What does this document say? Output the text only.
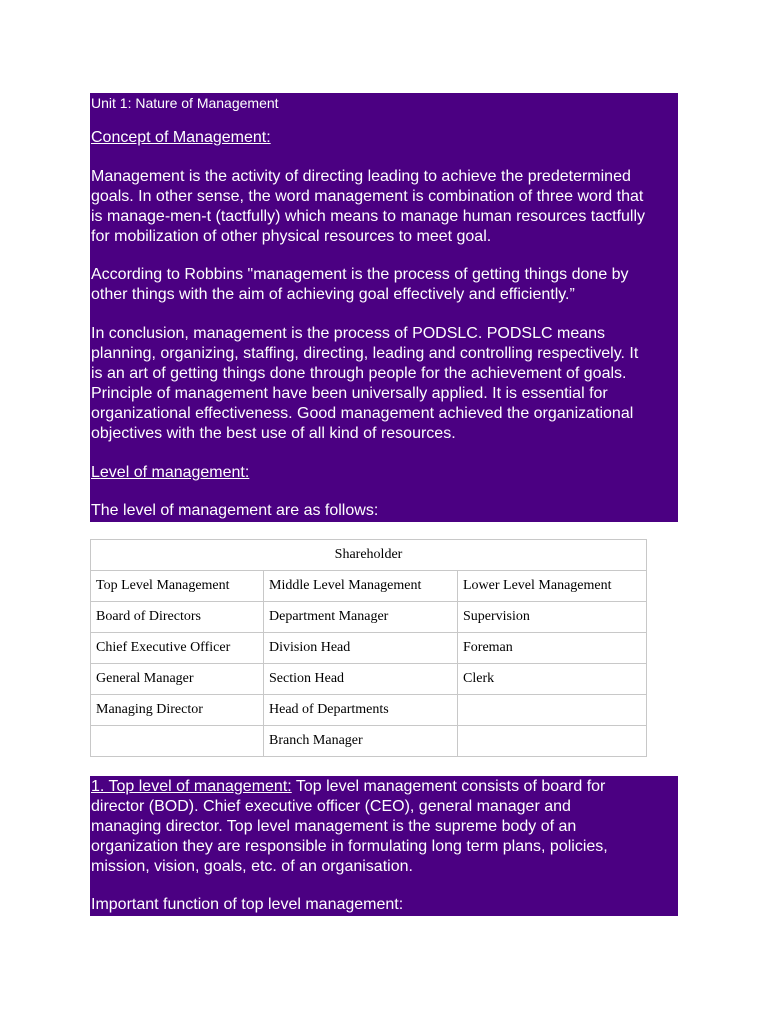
Unit 1: Nature of Management
Concept of Management:

Management is the activity of directing leading to achieve the predetermined
goals. In other sense, the word management is combination of three word that
is manage-men-t (tactfully) which means to manage human resources tactfully
for mobilization of other physical resources to meet goal.

According to Robbins "management is the process of getting things done by
other things with the aim of achieving goal effectively and efficiently.”

In conclusion, management is the process of PODSLC. PODSLC means
planning, organizing, staffing, directing, leading and controlling respectively. It
is an art of getting things done through people for the achievement of goals.
Principle of management have been universally applied. It is essential for
organizational effectiveness. Good management achieved the organizational
objectives with the best use of all kind of resources.

Level of management:
The level of management are as follows:
Shareholder		
Top Level Management	Middle Level Management	Lower Level Management
Board of Directors	Department Manager	Supervision
Chief Executive Officer	Division Head	Foreman
General Manager	Section Head	Clerk
Managing Director	Head of Departments	
	Branch Manager	

1. Top level of management: Top level management consists of board for
director (BOD). Chief executive officer (CEO), general manager and
managing director. Top level management is the supreme body of an
organization they are responsible in formulating long term plans, policies,
mission, vision, goals, etc. of an organisation.

Important function of top level management:
